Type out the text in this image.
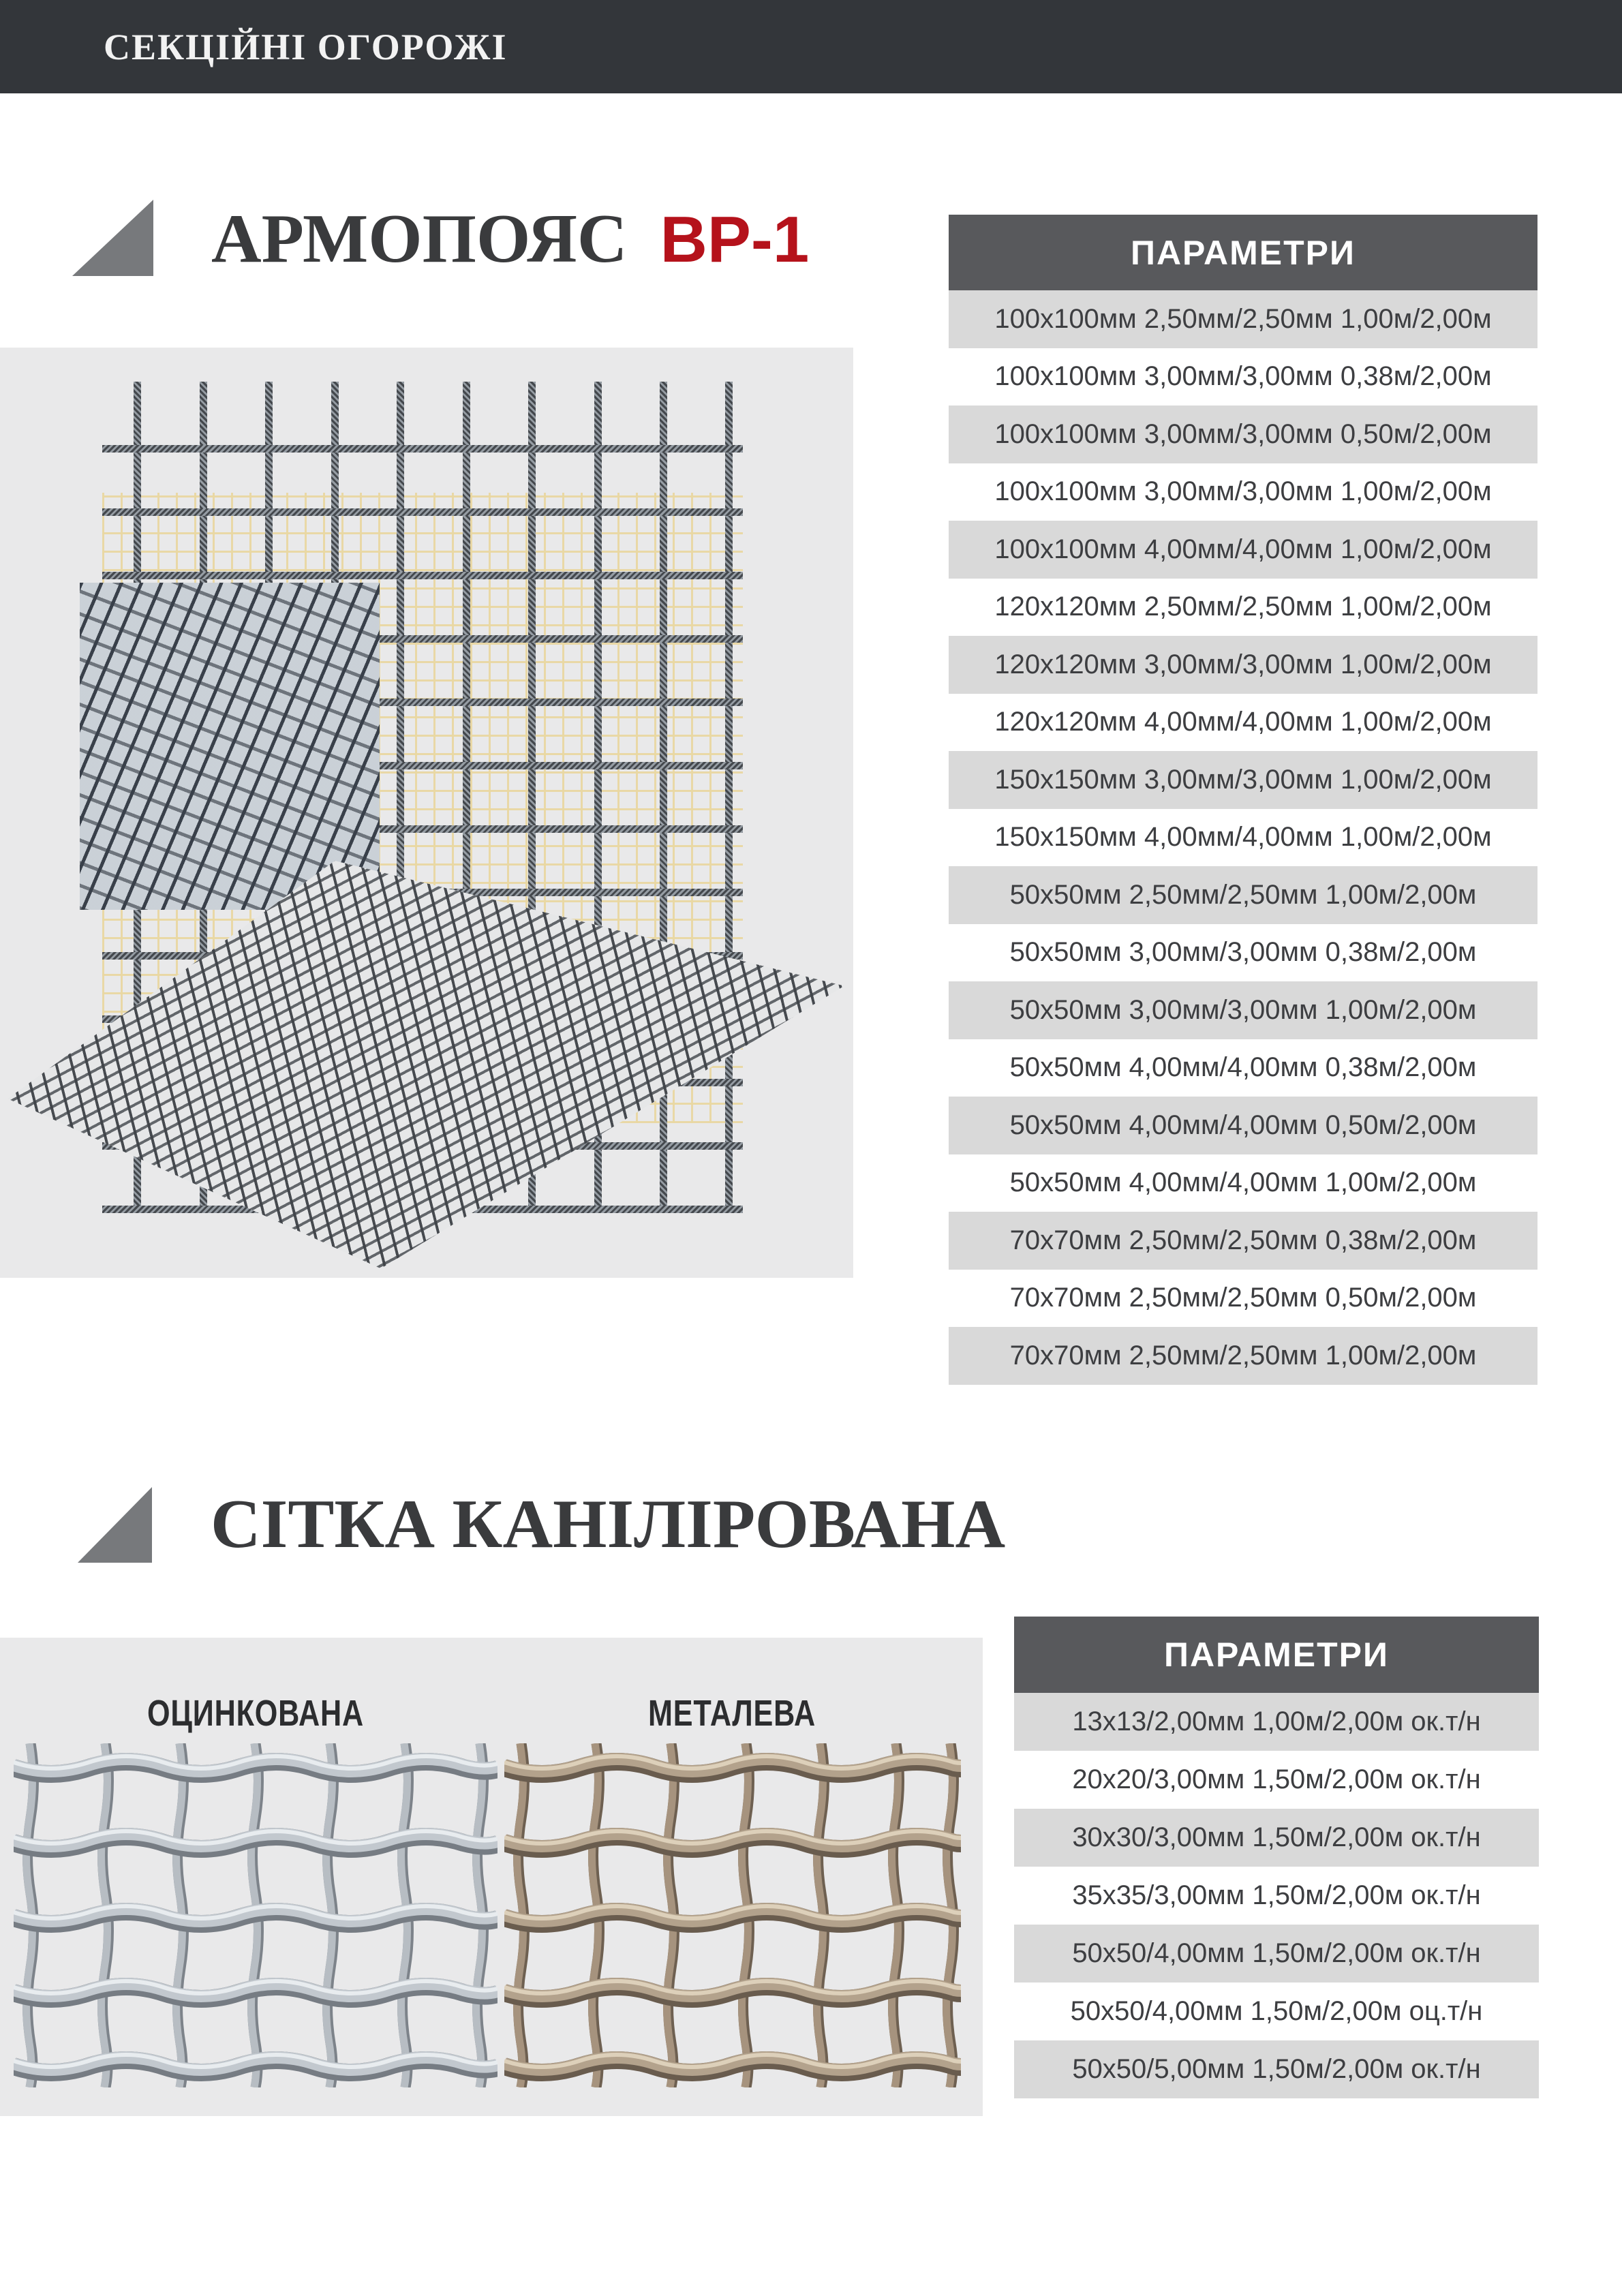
СЕКЦІЙНІ ОГОРОЖІ
АРМОПОЯС ВР-1	ПАРАМЕТРИ
100х100мм 2,50мм/2,50мм 1,00м/2,00м
100х100мм 3,00мм/3,00мм 0,38м/2,00м
100х100мм 3,00мм/3,00мм 0,50м/2,00м
100х100мм 3,00мм/3,00мм 1,00м/2,00м
100х100мм 4,00мм/4,00мм 1,00м/2,00м
120х120мм 2,50мм/2,50мм 1,00м/2,00м
120х120мм 3,00мм/3,00мм 1,00м/2,00м
120х120мм 4,00мм/4,00мм 1,00м/2,00м
150х150мм 3,00мм/3,00мм 1,00м/2,00м
150х150мм 4,00мм/4,00мм 1,00м/2,00м
50х50мм 2,50мм/2,50мм 1,00м/2,00м
50х50мм 3,00мм/3,00мм 0,38м/2,00м
50х50мм 3,00мм/3,00мм 1,00м/2,00м
50х50мм 4,00мм/4,00мм 0,38м/2,00м
50х50мм 4,00мм/4,00мм 0,50м/2,00м
50х50мм 4,00мм/4,00мм 1,00м/2,00м
70х70мм 2,50мм/2,50мм 0,38м/2,00м
70х70мм 2,50мм/2,50мм 0,50м/2,00м
70х70мм 2,50мм/2,50мм 1,00м/2,00м
СІТКА КАНІЛІРОВАНА
ОЦИНКОВАНА	МЕТАЛЕВА
ПАРАМЕТРИ
13х13/2,00мм 1,00м/2,00м ок.т/н
20х20/3,00мм 1,50м/2,00м ок.т/н
30х30/3,00мм 1,50м/2,00м ок.т/н
35х35/3,00мм 1,50м/2,00м ок.т/н
50х50/4,00мм 1,50м/2,00м ок.т/н
50х50/4,00мм 1,50м/2,00м оц.т/н
50х50/5,00мм 1,50м/2,00м ок.т/н
